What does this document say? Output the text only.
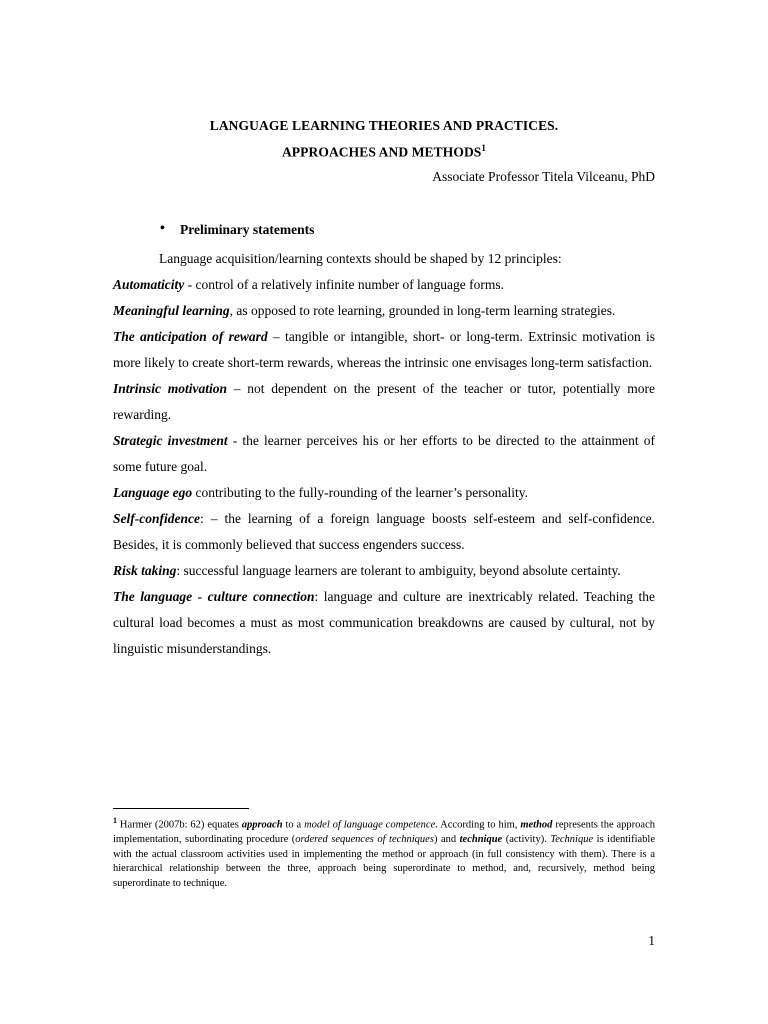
LANGUAGE LEARNING THEORIES AND PRACTICES.
APPROACHES AND METHODS$^1$
Associate Professor Titela Vilceanu, PhD
• Preliminary statements

Language acquisition/learning contexts should be shaped by 12 principles:

Automaticity - control of a relatively infinite number of language forms.

Meaningful learning, as opposed to rote learning, grounded in long-term learning strategies.

The anticipation of reward – tangible or intangible, short- or long-term. Extrinsic motivation is more likely to create short-term rewards, whereas the intrinsic one envisages long-term satisfaction.

Intrinsic motivation – not dependent on the present of the teacher or tutor, potentially more rewarding.

Strategic investment - the learner perceives his or her efforts to be directed to the attainment of some future goal.

Language ego contributing to the fully-rounding of the learner’s personality.

Self-confidence: – the learning of a foreign language boosts self-esteem and self-confidence. Besides, it is commonly believed that success engenders success.

Risk taking: successful language learners are tolerant to ambiguity, beyond absolute certainty.

The language - culture connection: language and culture are inextricably related. Teaching the cultural load becomes a must as most communication breakdowns are caused by cultural, not by linguistic misunderstandings.

$^1$ Harmer (2007b: 62) equates approach to a model of language competence. According to him, method represents the approach implementation, subordinating procedure (ordered sequences of techniques) and technique (activity). Technique is identifiable with the actual classroom activities used in implementing the method or approach (in full consistency with them). There is a hierarchical relationship between the three, approach being superordinate to method, and, recursively, method being superordinate to technique.
1
